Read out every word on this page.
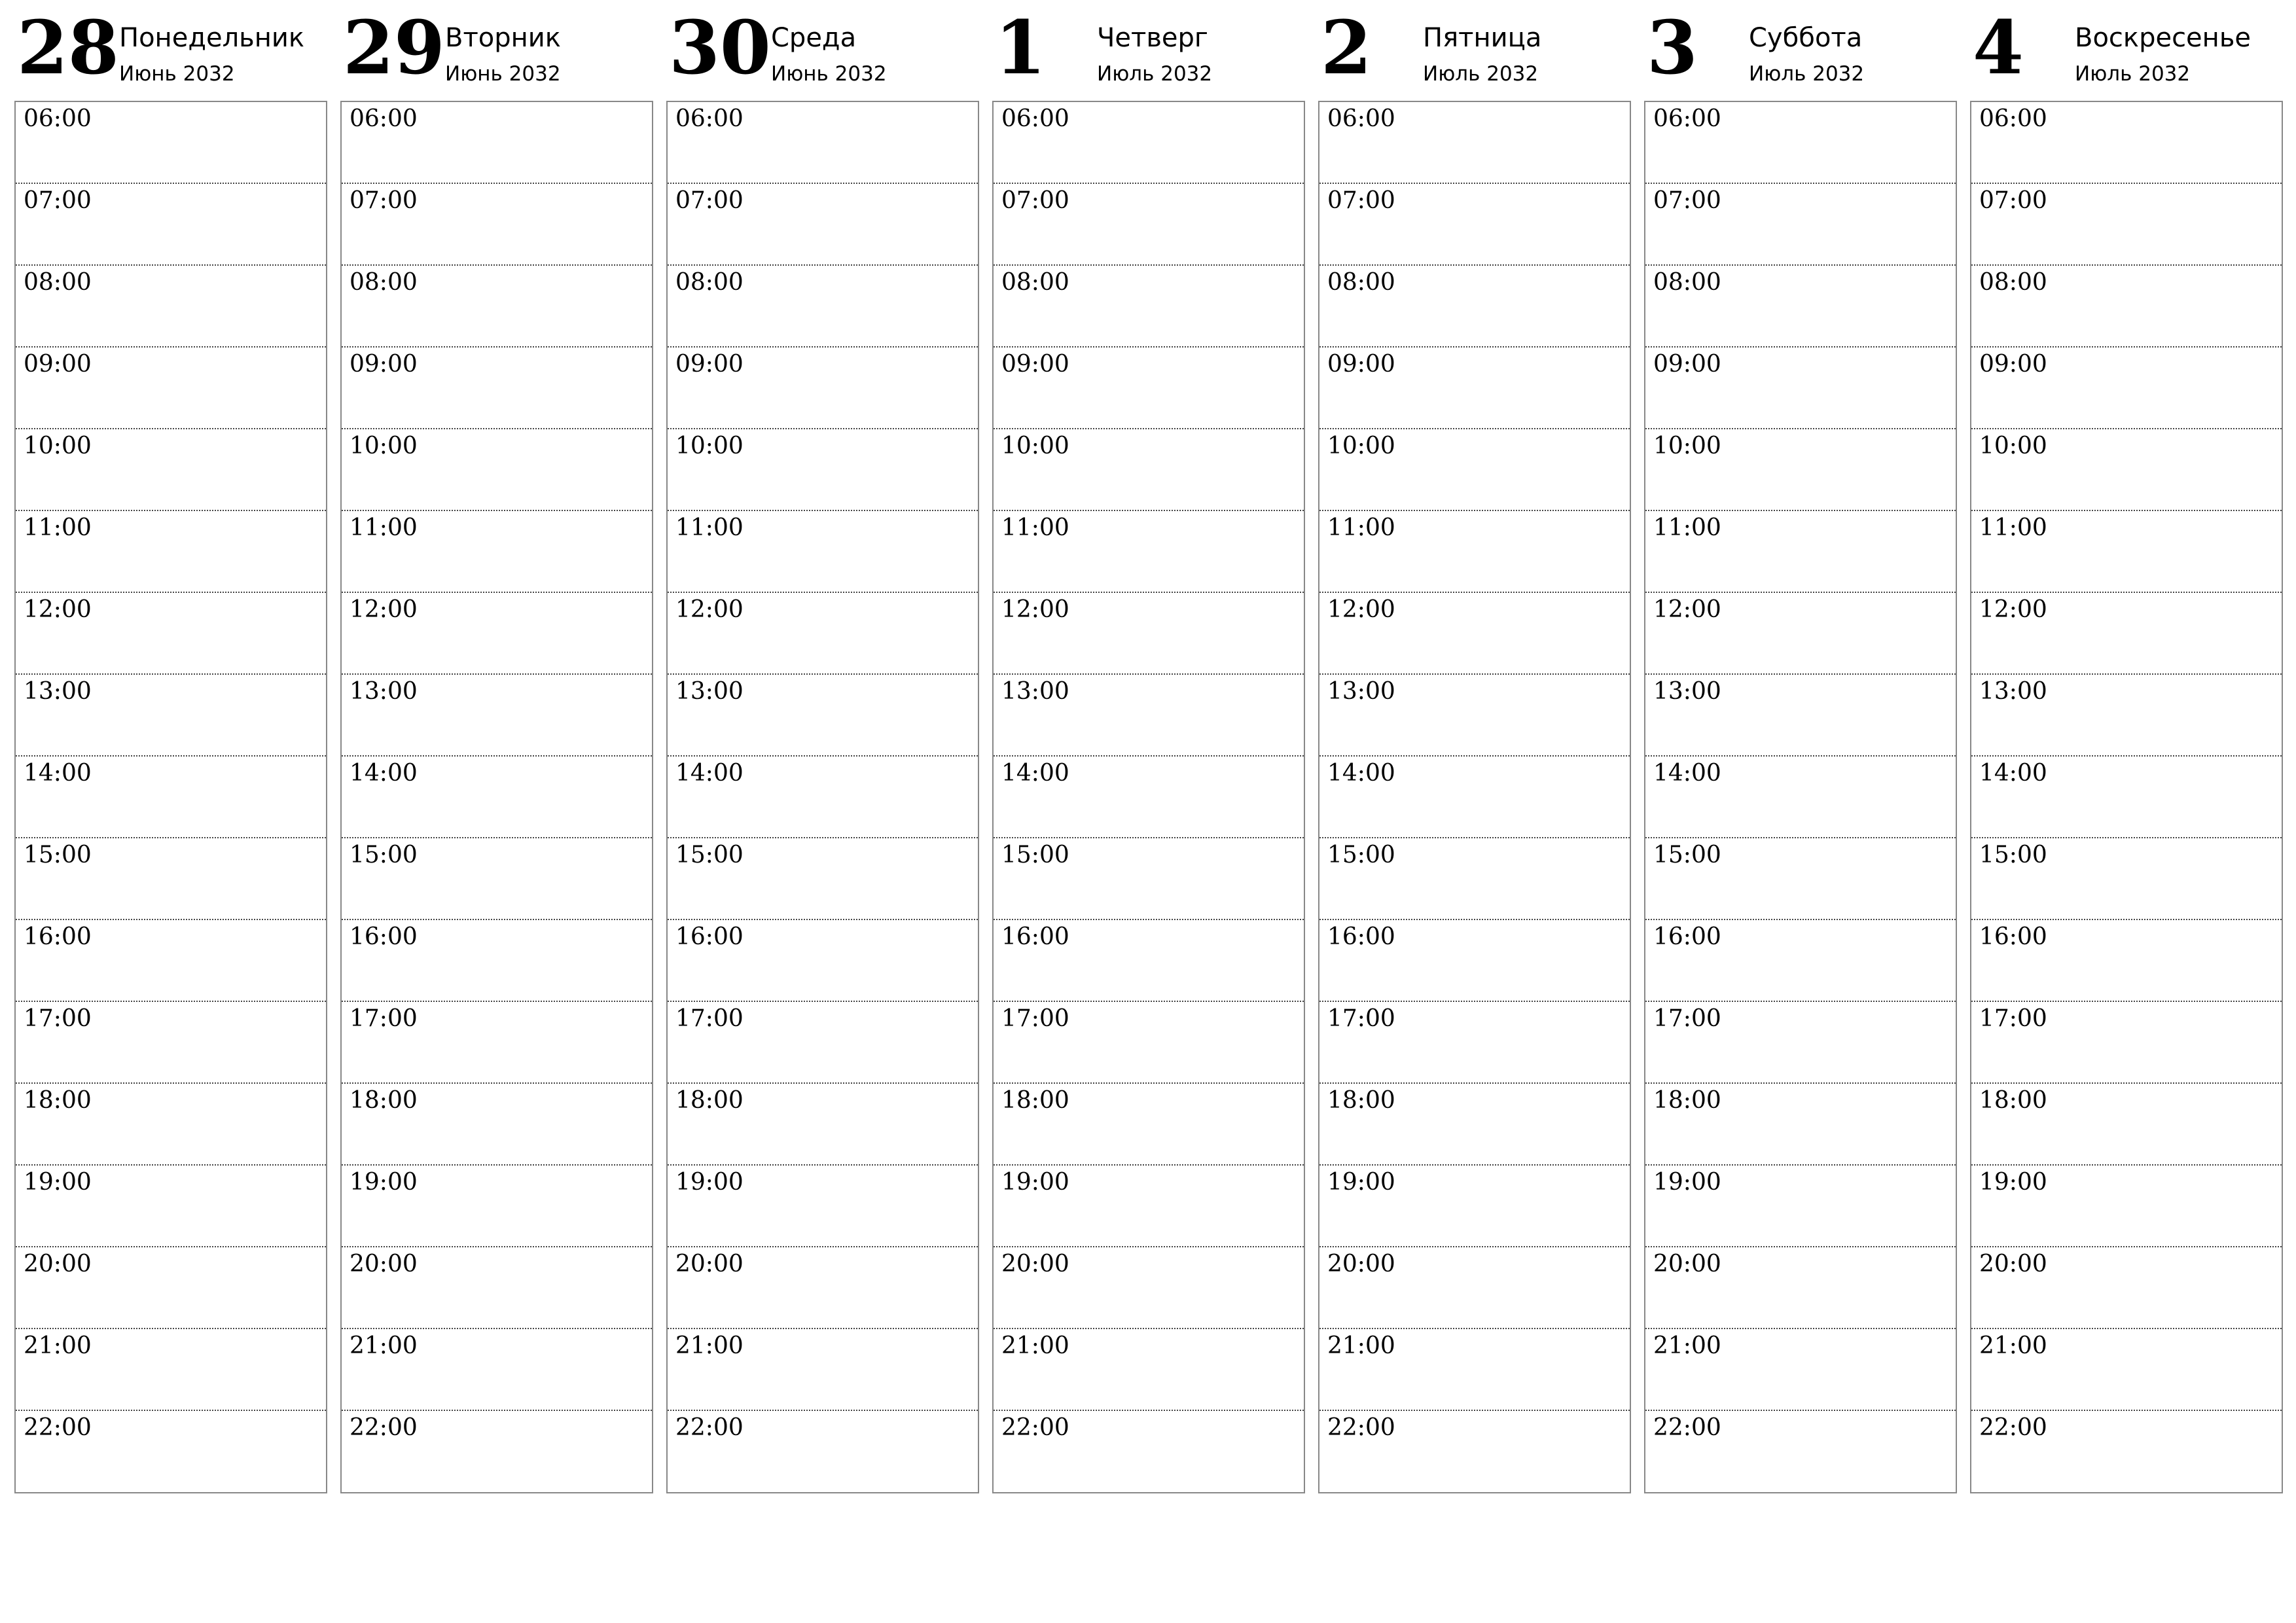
28 Понедельник
Июнь 2032
06:00
07:00
08:00
09:00
10:00
11:00
12:00
13:00
14:00
15:00
16:00
17:00
18:00
19:00
20:00
21:00
22:00
29 Вторник
Июнь 2032
06:00
07:00
08:00
09:00
10:00
11:00
12:00
13:00
14:00
15:00
16:00
17:00
18:00
19:00
20:00
21:00
22:00
30 Среда
Июнь 2032
06:00
07:00
08:00
09:00
10:00
11:00
12:00
13:00
14:00
15:00
16:00
17:00
18:00
19:00
20:00
21:00
22:00
1 Четверг
Июль 2032
06:00
07:00
08:00
09:00
10:00
11:00
12:00
13:00
14:00
15:00
16:00
17:00
18:00
19:00
20:00
21:00
22:00
2 Пятница
Июль 2032
06:00
07:00
08:00
09:00
10:00
11:00
12:00
13:00
14:00
15:00
16:00
17:00
18:00
19:00
20:00
21:00
22:00
3 Суббота
Июль 2032
06:00
07:00
08:00
09:00
10:00
11:00
12:00
13:00
14:00
15:00
16:00
17:00
18:00
19:00
20:00
21:00
22:00
4 Воскресенье
Июль 2032
06:00
07:00
08:00
09:00
10:00
11:00
12:00
13:00
14:00
15:00
16:00
17:00
18:00
19:00
20:00
21:00
22:00
